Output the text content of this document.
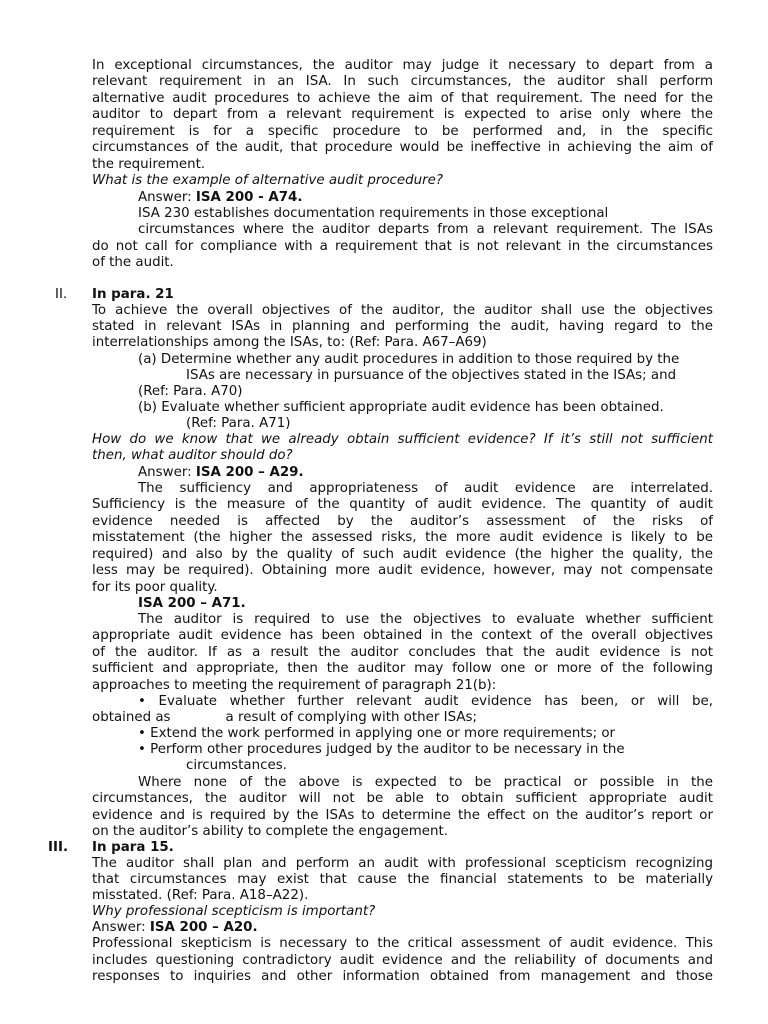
In exceptional circumstances, the auditor may judge it necessary to depart from a
relevant requirement in an ISA. In such circumstances, the auditor shall perform
alternative audit procedures to achieve the aim of that requirement. The need for the
auditor to depart from a relevant requirement is expected to arise only where the
requirement is for a specific procedure to be performed and, in the specific
circumstances of the audit, that procedure would be ineffective in achieving the aim of
the requirement.
What is the example of alternative audit procedure?
Answer: ISA 200 - A74.
ISA 230 establishes documentation requirements in those exceptional
circumstances where the auditor departs from a relevant requirement. The ISAs
do not call for compliance with a requirement that is not relevant in the circumstances
of the audit.
II. In para. 21
To achieve the overall objectives of the auditor, the auditor shall use the objectives
stated in relevant ISAs in planning and performing the audit, having regard to the
interrelationships among the ISAs, to: (Ref: Para. A67–A69)
(a) Determine whether any audit procedures in addition to those required by the
ISAs are necessary in pursuance of the objectives stated in the ISAs; and
(Ref: Para. A70)
(b) Evaluate whether sufficient appropriate audit evidence has been obtained.
(Ref: Para. A71)
How do we know that we already obtain sufficient evidence? If it’s still not sufficient
then, what auditor should do?
Answer: ISA 200 – A29.
The sufficiency and appropriateness of audit evidence are interrelated.
Sufficiency is the measure of the quantity of audit evidence. The quantity of audit
evidence needed is affected by the auditor’s assessment of the risks of
misstatement (the higher the assessed risks, the more audit evidence is likely to be
required) and also by the quality of such audit evidence (the higher the quality, the
less may be required). Obtaining more audit evidence, however, may not compensate
for its poor quality.
ISA 200 – A71.
The auditor is required to use the objectives to evaluate whether sufficient
appropriate audit evidence has been obtained in the context of the overall objectives
of the auditor. If as a result the auditor concludes that the audit evidence is not
sufficient and appropriate, then the auditor may follow one or more of the following
approaches to meeting the requirement of paragraph 21(b):
• Evaluate whether further relevant audit evidence has been, or will be,
obtained as	a result of complying with other ISAs;
• Extend the work performed in applying one or more requirements; or
• Perform other procedures judged by the auditor to be necessary in the
circumstances.
Where none of the above is expected to be practical or possible in the
circumstances, the auditor will not be able to obtain sufficient appropriate audit
evidence and is required by the ISAs to determine the effect on the auditor’s report or
on the auditor’s ability to complete the engagement.
III. In para 15.
The auditor shall plan and perform an audit with professional scepticism recognizing
that circumstances may exist that cause the financial statements to be materially
misstated. (Ref: Para. A18–A22).
Why professional scepticism is important?
Answer: ISA 200 – A20.
Professional skepticism is necessary to the critical assessment of audit evidence. This
includes questioning contradictory audit evidence and the reliability of documents and
responses to inquiries and other information obtained from management and those
